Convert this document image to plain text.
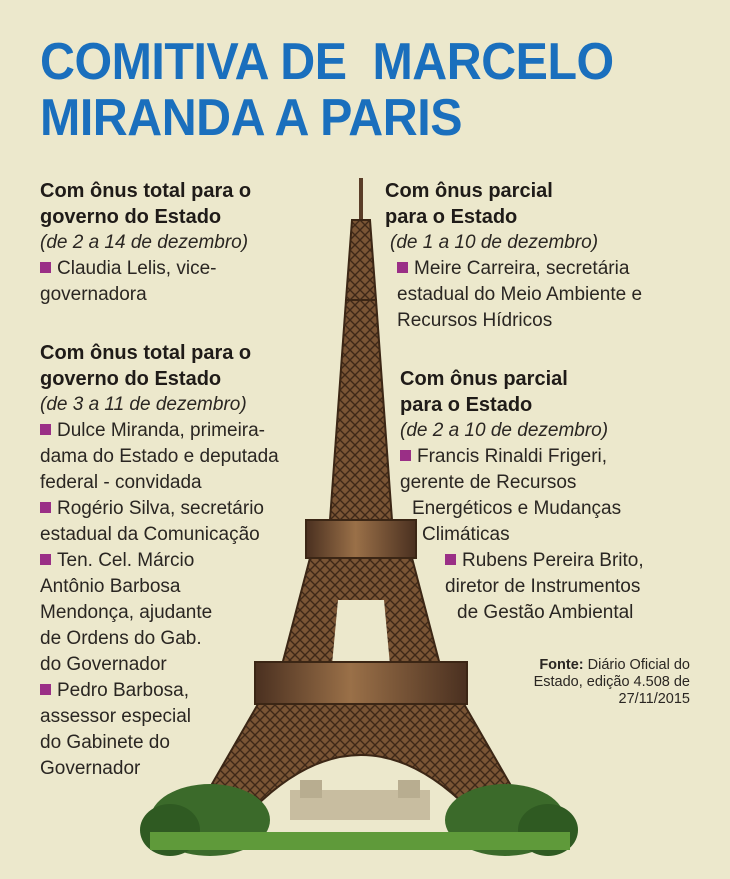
COMITIVA DE  MARCELO
MIRANDA A PARIS
Com ônus total para o
governo do Estado
(de 2 a 14 de dezembro)
Claudia Lelis, vice-
governadora
Com ônus total para o
governo do Estado
(de 3 a 11 de dezembro)
Dulce Miranda, primeira-
dama do Estado e deputada
federal - convidada
Rogério Silva, secretário
estadual da Comunicação
Ten. Cel. Márcio
Antônio Barbosa
Mendonça, ajudante
de Ordens do Gab.
do Governador
Pedro Barbosa,
assessor especial
do Gabinete do
Governador
Com ônus parcial
para o Estado
(de 1 a 10 de dezembro)
Meire Carreira, secretária
estadual do Meio Ambiente e
Recursos Hídricos
Com ônus parcial
para o Estado
(de 2 a 10 de dezembro)
Francis Rinaldi Frigeri,
gerente de Recursos
Energéticos e Mudanças
Climáticas
Rubens Pereira Brito,
diretor de Instrumentos
de Gestão Ambiental
Fonte: Diário Oficial do
Estado, edição 4.508 de
27/11/2015
